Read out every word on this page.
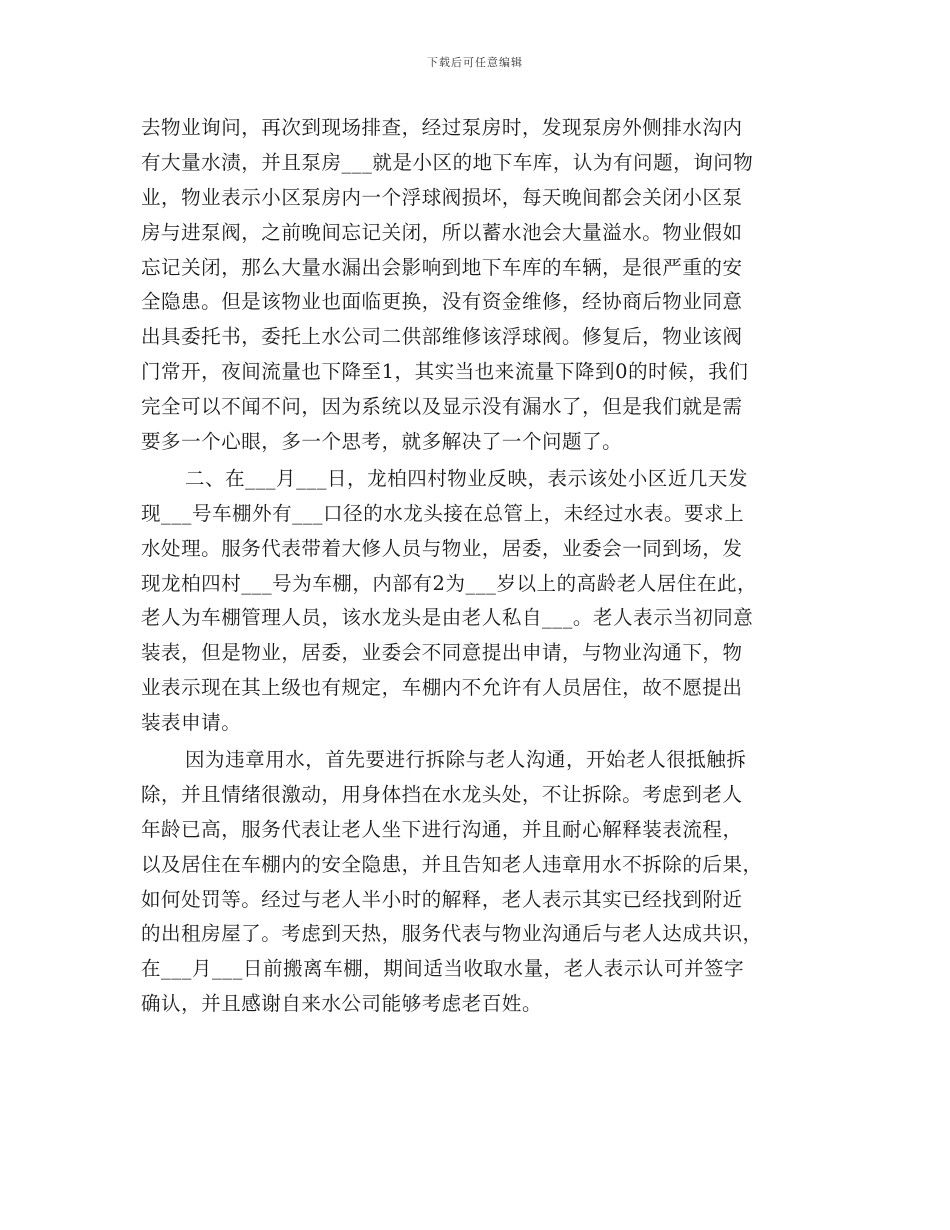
下载后可任意编辑
去物业询问，再次到现场排查，经过泵房时，发现泵房外侧排水沟内
有大量水渍，并且泵房___就是小区的地下车库，认为有问题，询问物
业，物业表示小区泵房内一个浮球阀损坏，每天晚间都会关闭小区泵
房与进泵阀，之前晚间忘记关闭，所以蓄水池会大量溢水。物业假如
忘记关闭，那么大量水漏出会影响到地下车库的车辆，是很严重的安
全隐患。但是该物业也面临更换，没有资金维修，经协商后物业同意
出具委托书，委托上水公司二供部维修该浮球阀。修复后，物业该阀
门常开，夜间流量也下降至1，其实当也来流量下降到0的时候，我们
完全可以不闻不问，因为系统以及显示没有漏水了，但是我们就是需
要多一个心眼，多一个思考，就多解决了一个问题了。
二、在___月___日，龙柏四村物业反映，表示该处小区近几天发
现___号车棚外有___口径的水龙头接在总管上，未经过水表。要求上
水处理。服务代表带着大修人员与物业，居委，业委会一同到场，发
现龙柏四村___号为车棚，内部有2为___岁以上的高龄老人居住在此，
老人为车棚管理人员，该水龙头是由老人私自___。老人表示当初同意
装表，但是物业，居委，业委会不同意提出申请，与物业沟通下，物
业表示现在其上级也有规定，车棚内不允许有人员居住，故不愿提出
装表申请。
因为违章用水，首先要进行拆除与老人沟通，开始老人很抵触拆
除，并且情绪很激动，用身体挡在水龙头处，不让拆除。考虑到老人
年龄已高，服务代表让老人坐下进行沟通，并且耐心解释装表流程，
以及居住在车棚内的安全隐患，并且告知老人违章用水不拆除的后果，
如何处罚等。经过与老人半小时的解释，老人表示其实已经找到附近
的出租房屋了。考虑到天热，服务代表与物业沟通后与老人达成共识，
在___月___日前搬离车棚，期间适当收取水量，老人表示认可并签字
确认，并且感谢自来水公司能够考虑老百姓。
